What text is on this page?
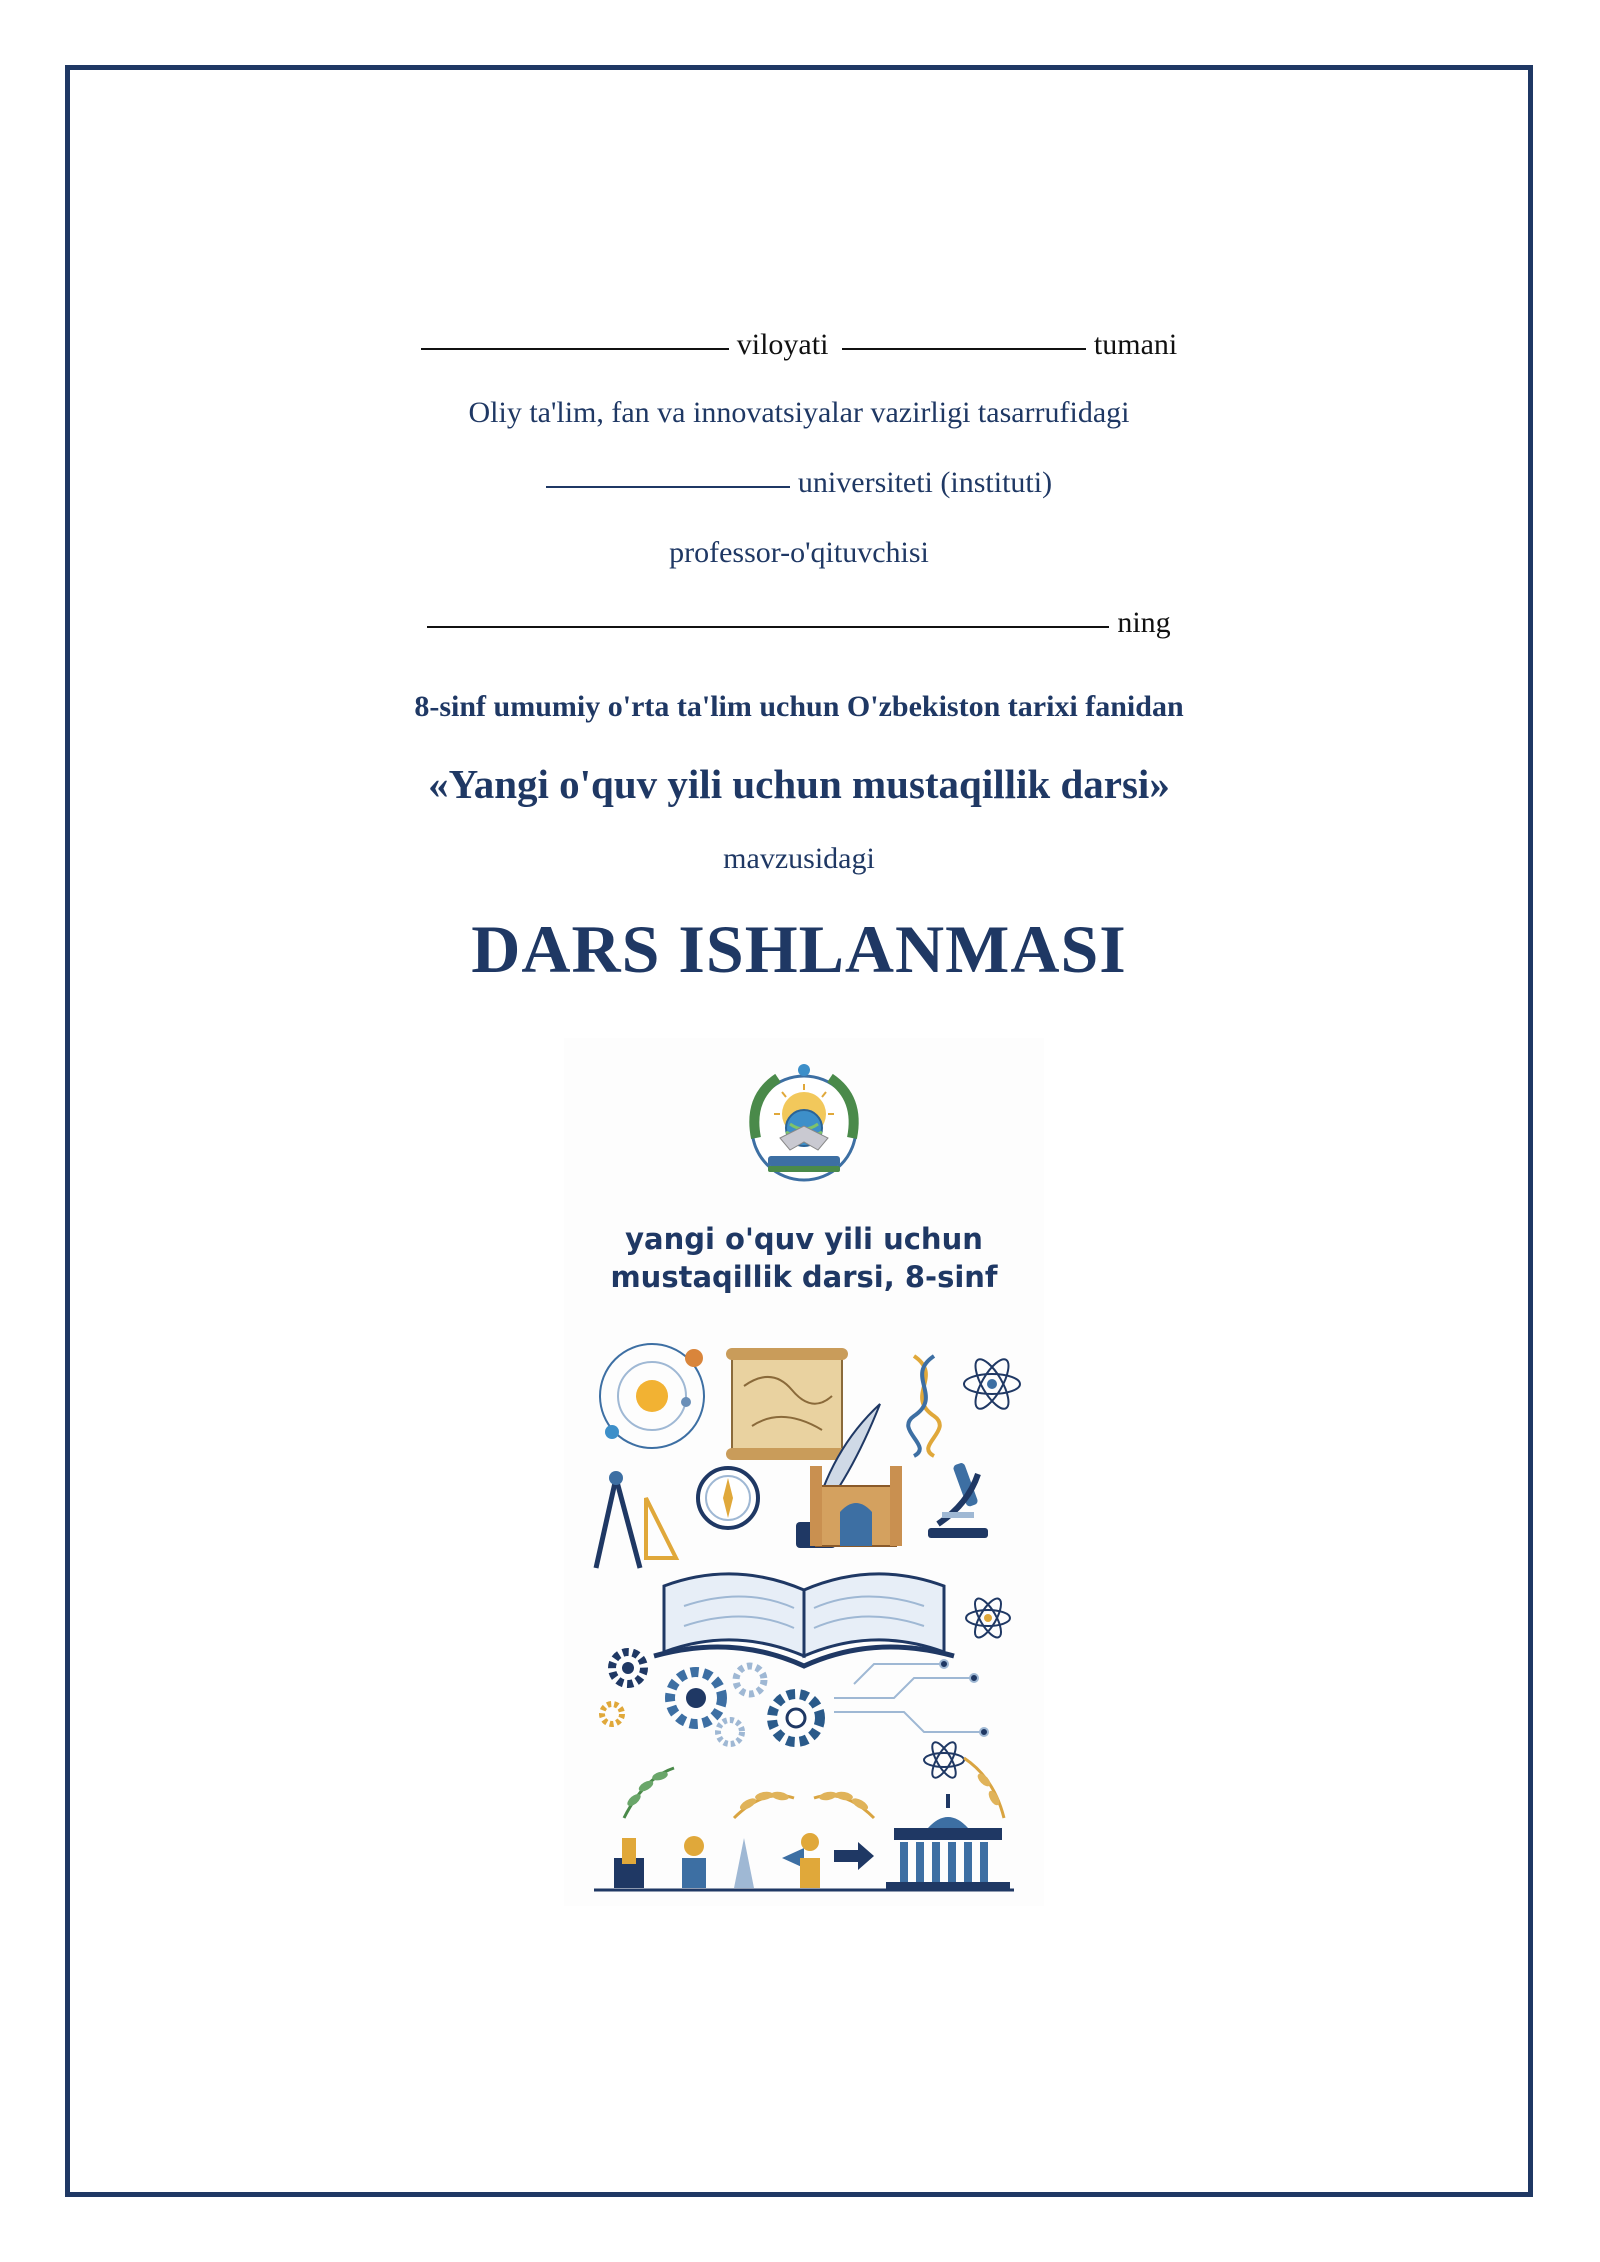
viloyati	tumani
Oliy ta'lim, fan va innovatsiyalar vazirligi tasarrufidagi
universiteti (instituti)
professor-o'qituvchisi
ning
8-sinf umumiy o'rta ta'lim uchun O'zbekiston tarixi fanidan
«Yangi o'quv yili uchun mustaqillik darsi»
mavzusidagi
DARS ISHLANMASI
yangi o'quv yili uchun
mustaqillik darsi, 8-sinf
